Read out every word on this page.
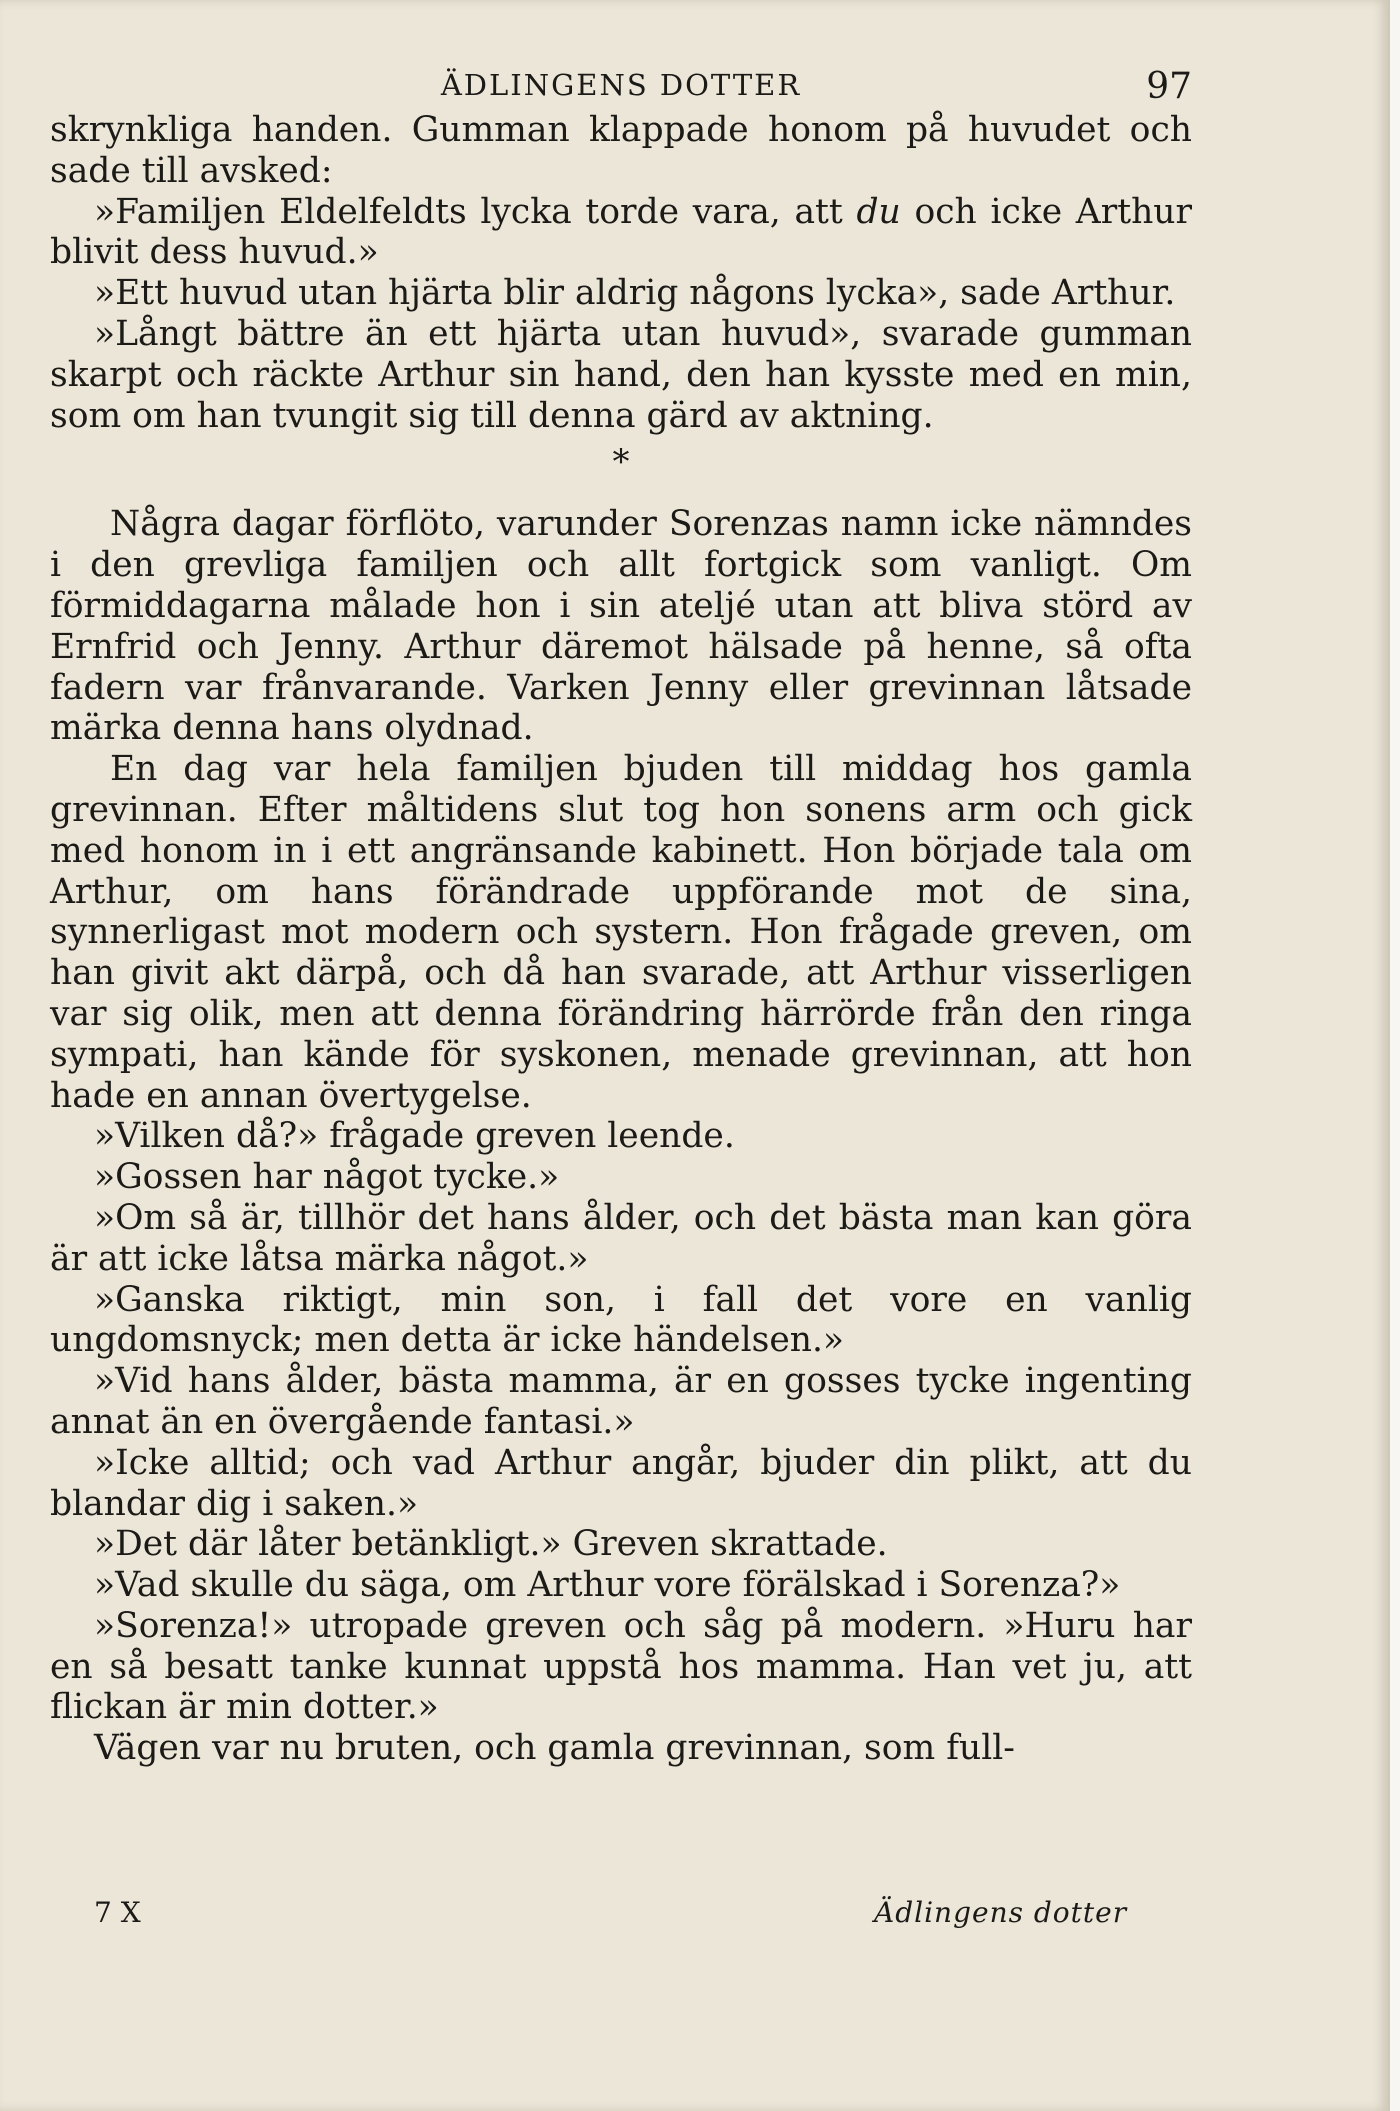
ÄDLINGENS DOTTER	97

skrynkliga handen. Gumman klappade honom på huvudet och sade till avsked:

»Familjen Eldelfeldts lycka torde vara, att du och icke Arthur blivit dess huvud.»

»Ett huvud utan hjärta blir aldrig någons lycka», sade Arthur.

»Långt bättre än ett hjärta utan huvud», svarade gumman skarpt och räckte Arthur sin hand, den han kysste med en min, som om han tvungit sig till denna gärd av aktning.

*

Några dagar förflöto, varunder Sorenzas namn icke nämndes i den grevliga familjen och allt fortgick som vanligt. Om förmiddagarna målade hon i sin ateljé utan att bliva störd av Ernfrid och Jenny. Arthur däremot hälsade på henne, så ofta fadern var frånvarande. Varken Jenny eller grevinnan låtsade märka denna hans olydnad.

En dag var hela familjen bjuden till middag hos gamla grevinnan. Efter måltidens slut tog hon sonens arm och gick med honom in i ett angränsande kabinett. Hon började tala om Arthur, om hans förändrade uppförande mot de sina, synnerligast mot modern och systern. Hon frågade greven, om han givit akt därpå, och då han svarade, att Arthur visserligen var sig olik, men att denna förändring härrörde från den ringa sympati, han kände för syskonen, menade grevinnan, att hon hade en annan övertygelse.

»Vilken då?» frågade greven leende.

»Gossen har något tycke.»

»Om så är, tillhör det hans ålder, och det bästa man kan göra är att icke låtsa märka något.»

»Ganska riktigt, min son, i fall det vore en vanlig ungdomsnyck; men detta är icke händelsen.»

»Vid hans ålder, bästa mamma, är en gosses tycke ingenting annat än en övergående fantasi.»

»Icke alltid; och vad Arthur angår, bjuder din plikt, att du blandar dig i saken.»

»Det där låter betänkligt.» Greven skrattade.

»Vad skulle du säga, om Arthur vore förälskad i Sorenza?»

»Sorenza!» utropade greven och såg på modern. »Huru har en så besatt tanke kunnat uppstå hos mamma. Han vet ju, att flickan är min dotter.»

Vägen var nu bruten, och gamla grevinnan, som full-

7 X	Ädlingens dotter
